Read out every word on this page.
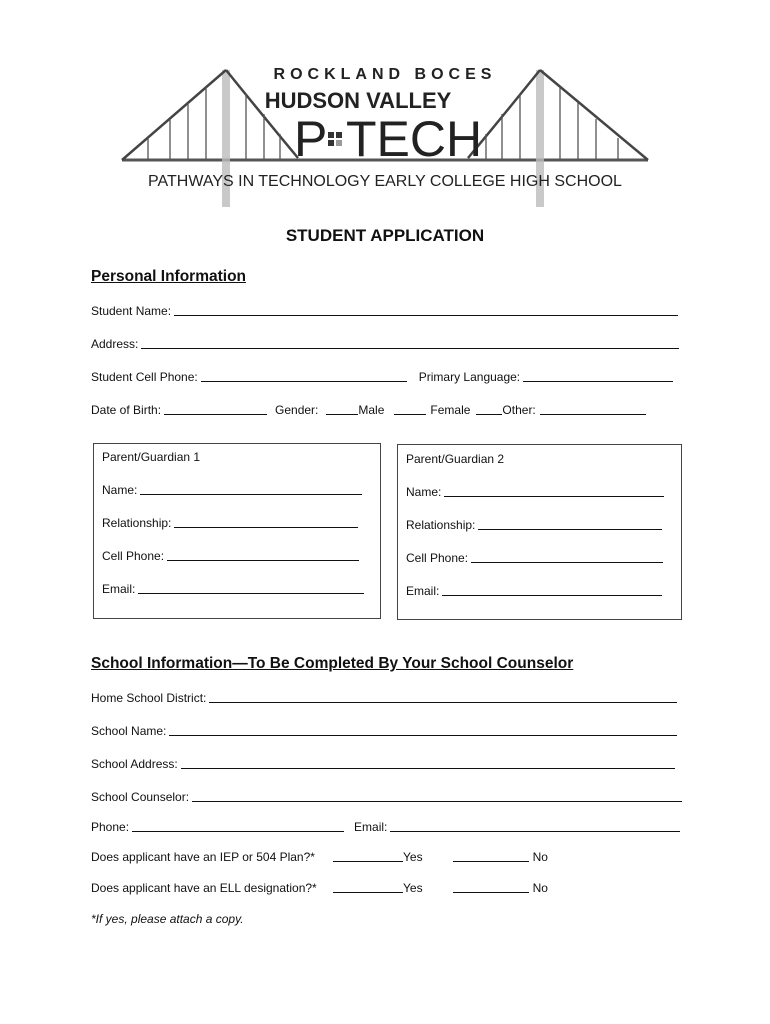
ROCKLAND BOCES
HUDSON VALLEY
P TECH
PATHWAYS IN TECHNOLOGY EARLY COLLEGE HIGH SCHOOL
STUDENT APPLICATION
Personal Information
Student Name:
Address:
Student Cell Phone:	Primary Language:
Date of Birth:	Gender:	Male	Female	Other:
Parent/Guardian 1
Name:
Relationship:
Cell Phone:
Email:
Parent/Guardian 2
Name:
Relationship:
Cell Phone:
Email:
School Information—To Be Completed By Your School Counselor
Home School District:
School Name:
School Address:
School Counselor:
Phone:	Email:
Does applicant have an IEP or 504 Plan?*	Yes	No
Does applicant have an ELL designation?*	Yes	No
*If yes, please attach a copy.
